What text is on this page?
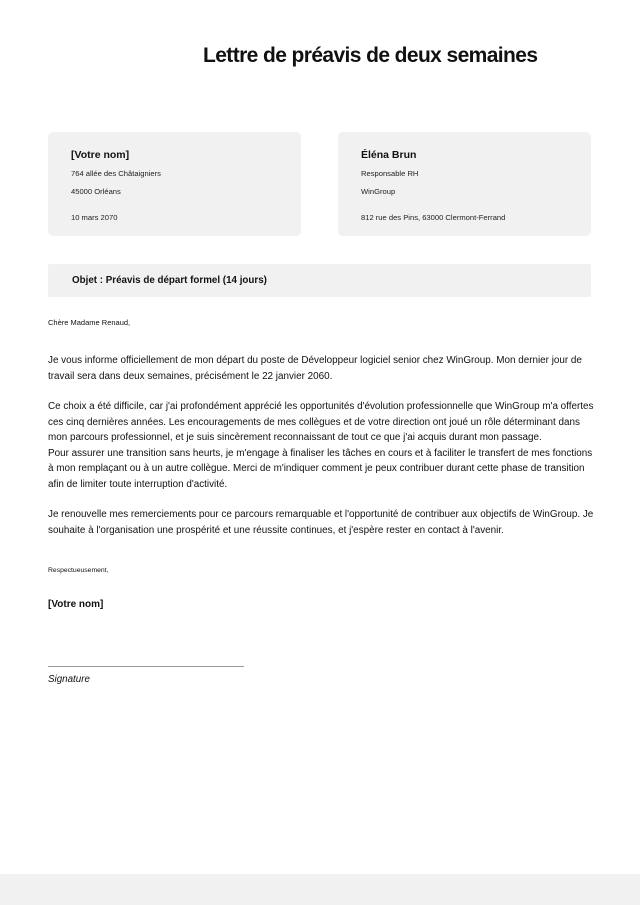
Lettre de préavis de deux semaines
[Votre nom]
764 allée des Châtaigniers
45000 Orléans
10 mars 2070
Éléna Brun
Responsable RH
WinGroup
812 rue des Pins, 63000 Clermont-Ferrand
Objet : Préavis de départ formel (14 jours)
Chère Madame Renaud,

Je vous informe officiellement de mon départ du poste de Développeur logiciel senior chez WinGroup. Mon dernier jour de travail sera dans deux semaines, précisément le 22 janvier 2060.

Ce choix a été difficile, car j'ai profondément apprécié les opportunités d'évolution professionnelle que WinGroup m'a offertes ces cinq dernières années. Les encouragements de mes collègues et de votre direction ont joué un rôle déterminant dans mon parcours professionnel, et je suis sincèrement reconnaissant de tout ce que j'ai acquis durant mon passage.

Pour assurer une transition sans heurts, je m'engage à finaliser les tâches en cours et à faciliter le transfert de mes fonctions à mon remplaçant ou à un autre collègue. Merci de m'indiquer comment je peux contribuer durant cette phase de transition afin de limiter toute interruption d'activité.

Je renouvelle mes remerciements pour ce parcours remarquable et l'opportunité de contribuer aux objectifs de WinGroup. Je souhaite à l'organisation une prospérité et une réussite continues, et j'espère rester en contact à l'avenir.

Respectueusement,
[Votre nom]
Signature
